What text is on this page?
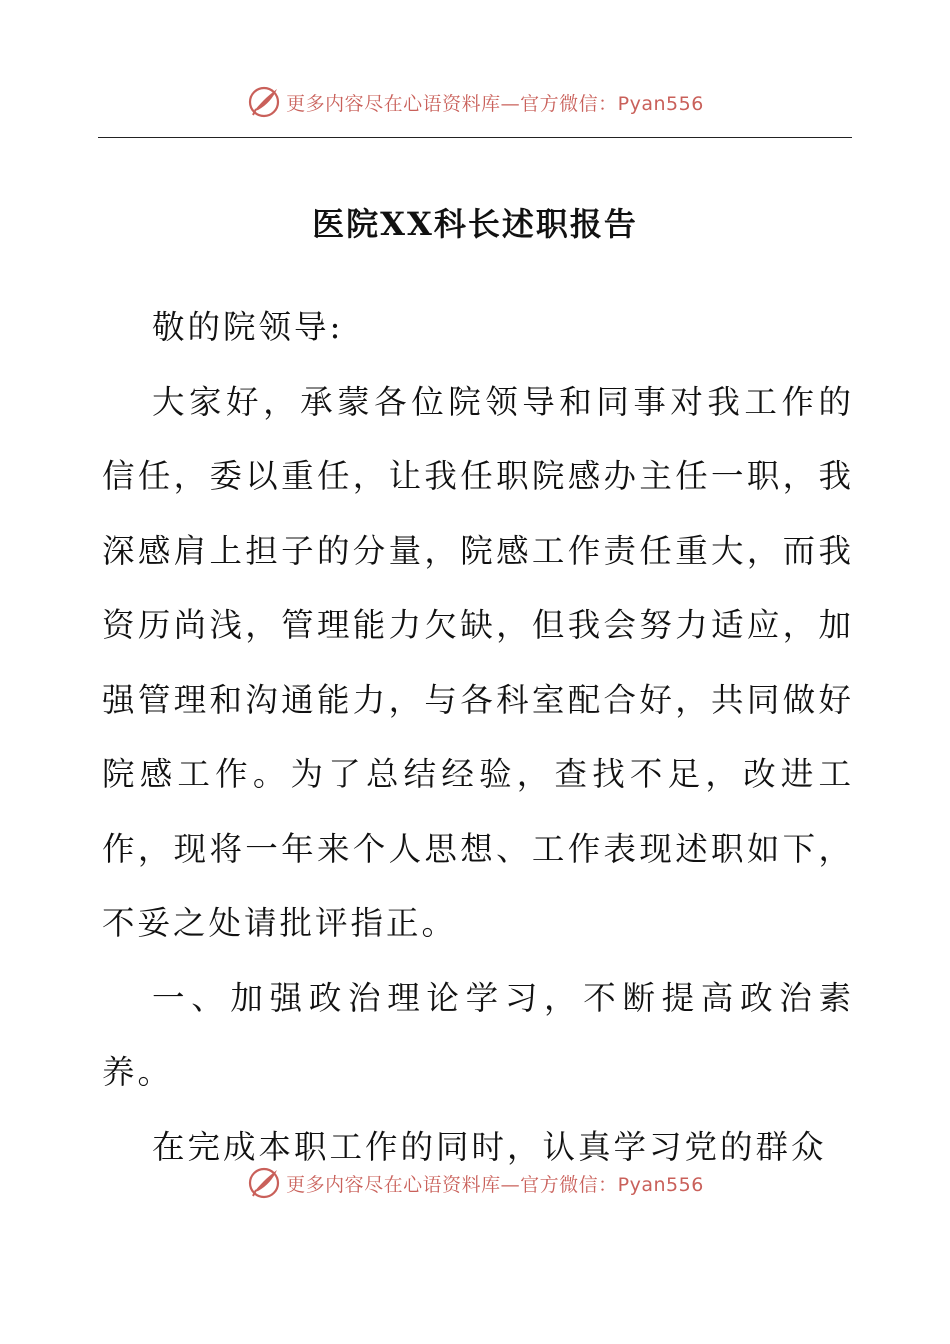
更多内容尽在心语资料库—官方微信：Pyan556
医院XX科长述职报告

敬的院领导:

大家好，承蒙各位院领导和同事对我工作的信任，委以重任，让我任职院感办主任一职，我深感肩上担子的分量，院感工作责任重大，而我资历尚浅，管理能力欠缺，但我会努力适应，加强管理和沟通能力，与各科室配合好，共同做好院感工作。为了总结经验，查找不足，改进工作，现将一年来个人思想、工作表现述职如下，不妥之处请批评指正。

一、加强政治理论学习，不断提高政治素养。

在完成本职工作的同时，认真学习党的群众

更多内容尽在心语资料库—官方微信：Pyan556
